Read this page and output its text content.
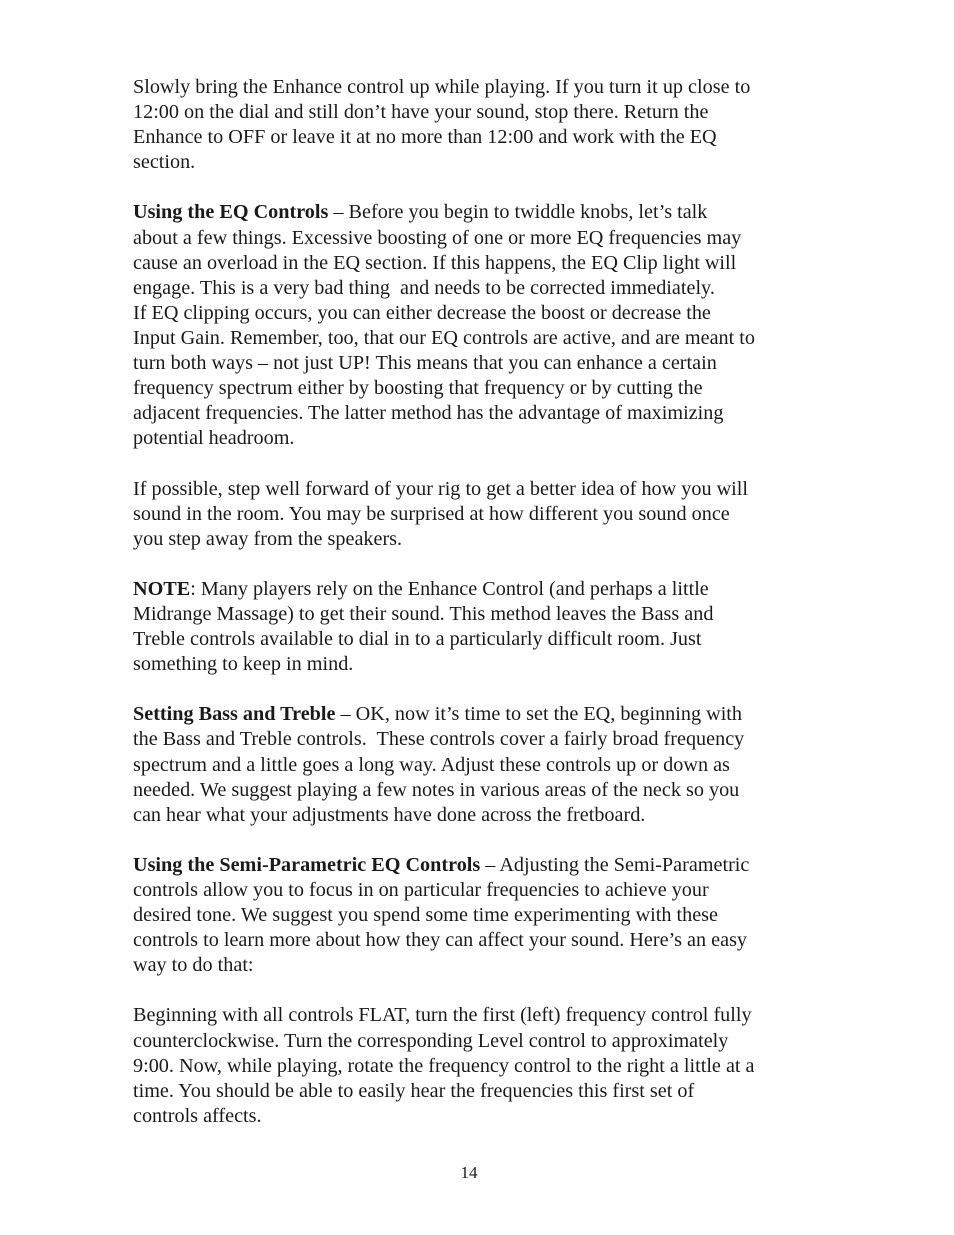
Slowly bring the Enhance control up while playing. If you turn it up close to
12:00 on the dial and still don’t have your sound, stop there. Return the
Enhance to OFF or leave it at no more than 12:00 and work with the EQ
section.

Using the EQ Controls – Before you begin to twiddle knobs, let’s talk
about a few things. Excessive boosting of one or more EQ frequencies may
cause an overload in the EQ section. If this happens, the EQ Clip light will
engage. This is a very bad thing  and needs to be corrected immediately.
If EQ clipping occurs, you can either decrease the boost or decrease the
Input Gain. Remember, too, that our EQ controls are active, and are meant to
turn both ways – not just UP! This means that you can enhance a certain
frequency spectrum either by boosting that frequency or by cutting the
adjacent frequencies. The latter method has the advantage of maximizing
potential headroom.

If possible, step well forward of your rig to get a better idea of how you will
sound in the room. You may be surprised at how different you sound once
you step away from the speakers.

NOTE: Many players rely on the Enhance Control (and perhaps a little
Midrange Massage) to get their sound. This method leaves the Bass and
Treble controls available to dial in to a particularly difficult room. Just
something to keep in mind.

Setting Bass and Treble – OK, now it’s time to set the EQ, beginning with
the Bass and Treble controls.  These controls cover a fairly broad frequency
spectrum and a little goes a long way. Adjust these controls up or down as
needed. We suggest playing a few notes in various areas of the neck so you
can hear what your adjustments have done across the fretboard.

Using the Semi-Parametric EQ Controls – Adjusting the Semi-Parametric
controls allow you to focus in on particular frequencies to achieve your
desired tone. We suggest you spend some time experimenting with these
controls to learn more about how they can affect your sound. Here’s an easy
way to do that:

Beginning with all controls FLAT, turn the first (left) frequency control fully
counterclockwise. Turn the corresponding Level control to approximately
9:00. Now, while playing, rotate the frequency control to the right a little at a
time. You should be able to easily hear the frequencies this first set of
controls affects.

14
